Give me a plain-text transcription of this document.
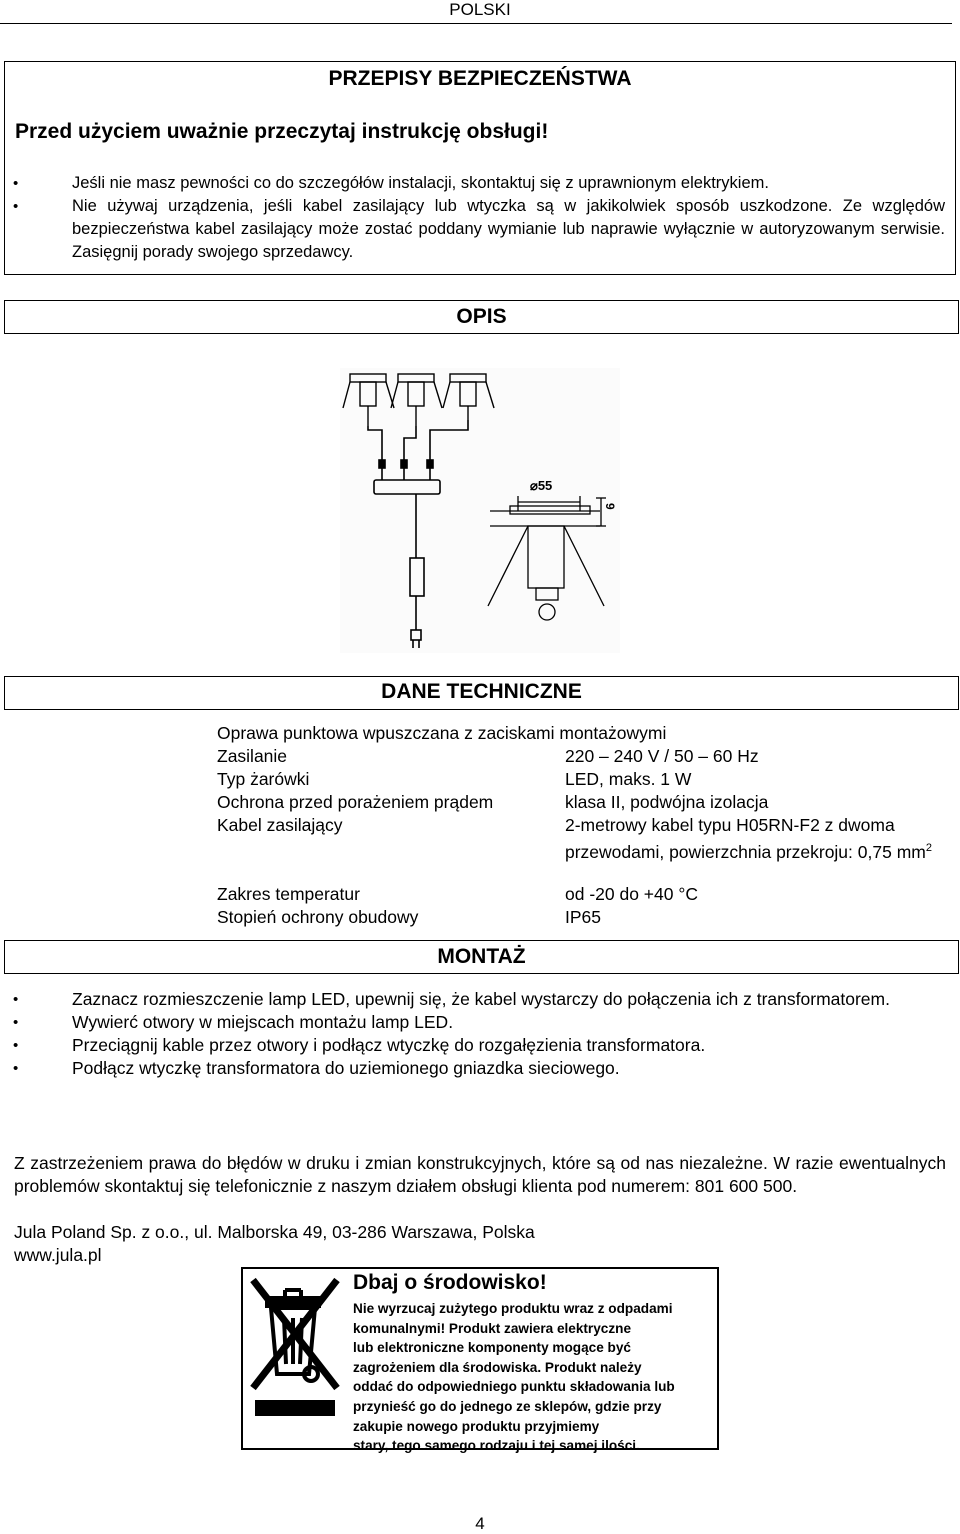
POLSKI
PRZEPISY BEZPIECZEŃSTWA
Przed użyciem uważnie przeczytaj instrukcję obsługi!
• Jeśli nie masz pewności co do szczegółów instalacji, skontaktuj się z uprawnionym elektrykiem.
• Nie używaj urządzenia, jeśli kabel zasilający lub wtyczka są w jakikolwiek sposób uszkodzone. Ze względów bezpieczeństwa kabel zasilający może zostać poddany wymianie lub naprawie wyłącznie w autoryzowanym serwisie. Zasięgnij porady swojego sprzedawcy.
OPIS
⌀55
9
DANE TECHNICZNE
Oprawa punktowa wpuszczana z zaciskami montażowymi
Zasilanie	220 – 240 V / 50 – 60 Hz
Typ żarówki	LED, maks. 1 W
Ochrona przed porażeniem prądem	klasa II, podwójna izolacja
Kabel zasilający	2-metrowy kabel typu H05RN-F2 z dwoma przewodami, powierzchnia przekroju: 0,75 $mm^2$
Zakres temperatur	od -20 do +40 °C
Stopień ochrony obudowy	IP65
MONTAŻ
• Zaznacz rozmieszczenie lamp LED, upewnij się, że kabel wystarczy do połączenia ich z transformatorem.
• Wywierć otwory w miejscach montażu lamp LED.
• Przeciągnij kable przez otwory i podłącz wtyczkę do rozgałęzienia transformatora.
• Podłącz wtyczkę transformatora do uziemionego gniazdka sieciowego.
Z zastrzeżeniem prawa do błędów w druku i zmian konstrukcyjnych, które są od nas niezależne. W razie ewentualnych problemów skontaktuj się telefonicznie z naszym działem obsługi klienta pod numerem: 801 600 500.
Jula Poland Sp. z o.o., ul. Malborska 49, 03-286 Warszawa, Polska
www.jula.pl
Dbaj o środowisko!
Nie wyrzucaj zużytego produktu wraz z odpadami
komunalnymi! Produkt zawiera elektryczne
lub elektroniczne komponenty mogące być
zagrożeniem dla środowiska. Produkt należy
oddać do odpowiedniego punktu składowania lub
przynieść go do jednego ze sklepów, gdzie przy
zakupie nowego produktu przyjmiemy
stary, tego samego rodzaju i tej samej ilości.
4
